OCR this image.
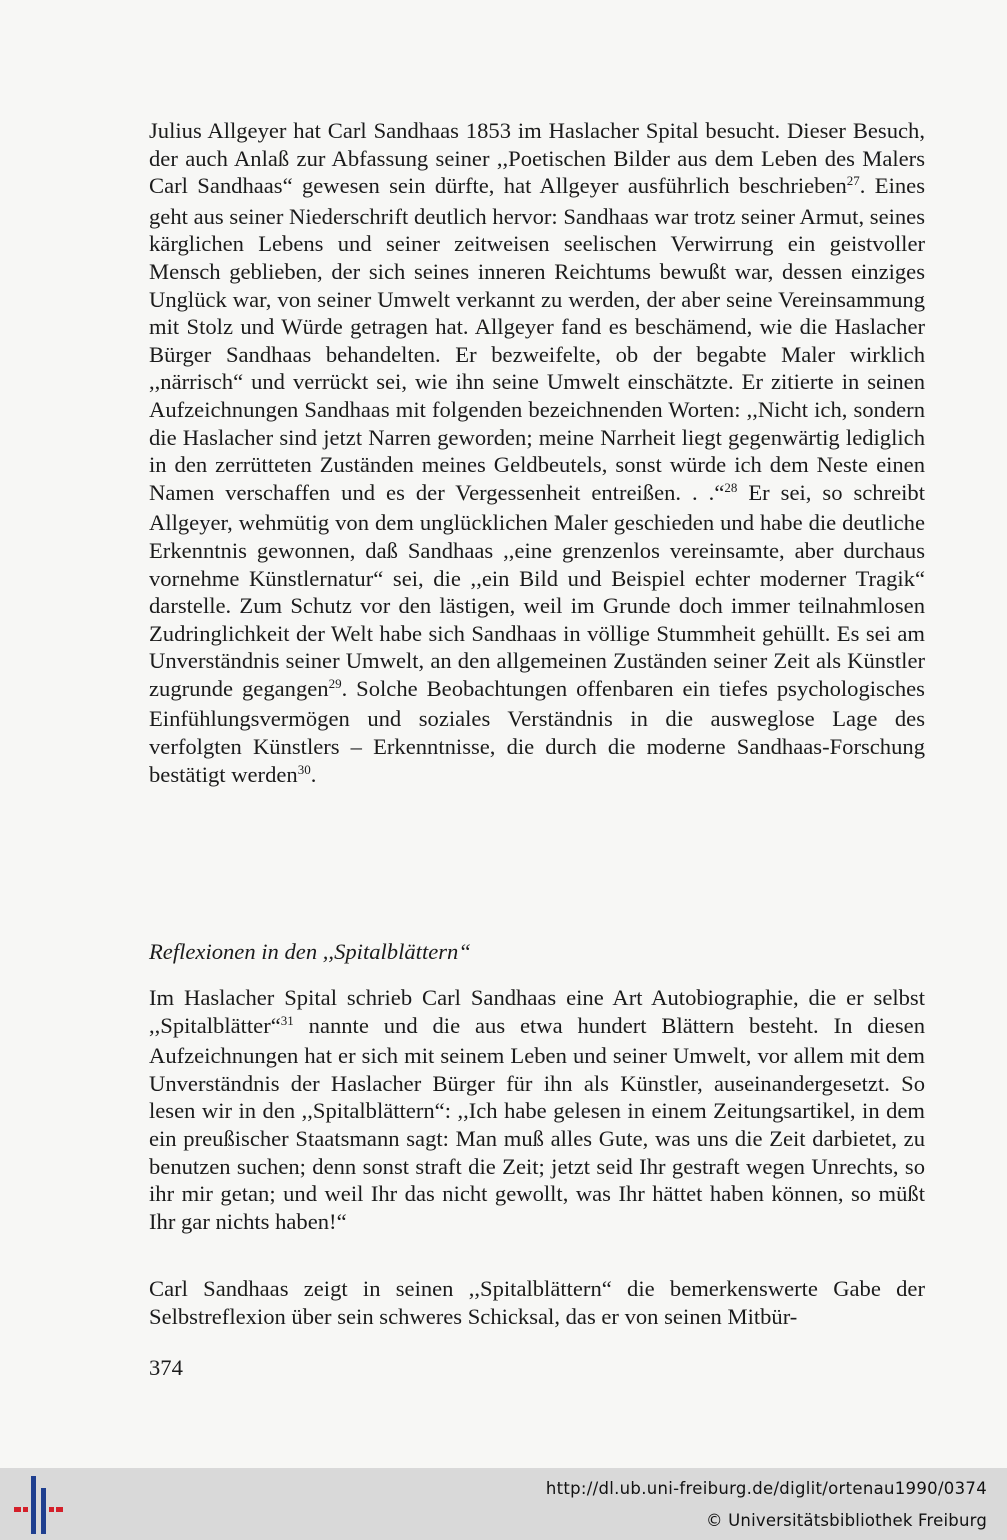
Julius Allgeyer hat Carl Sandhaas 1853 im Haslacher Spital besucht. Dieser Besuch, der auch Anlaß zur Abfassung seiner ,,Poetischen Bilder aus dem Leben des Malers Carl Sandhaas“ gewesen sein dürfte, hat Allgeyer ausführlich beschrieben$^{27}$. Eines geht aus seiner Niederschrift deutlich hervor: Sandhaas war trotz seiner Armut, seines kärglichen Lebens und seiner zeitweisen seelischen Verwirrung ein geistvoller Mensch geblieben, der sich seines inneren Reichtums bewußt war, dessen einziges Unglück war, von seiner Umwelt verkannt zu werden, der aber seine Vereinsammung mit Stolz und Würde getragen hat. Allgeyer fand es beschämend, wie die Haslacher Bürger Sandhaas behandelten. Er bezweifelte, ob der begabte Maler wirklich ,,närrisch“ und verrückt sei, wie ihn seine Umwelt einschätzte. Er zitierte in seinen Aufzeichnungen Sandhaas mit folgenden bezeichnenden Worten: ,,Nicht ich, sondern die Haslacher sind jetzt Narren geworden; meine Narrheit liegt gegenwärtig lediglich in den zerrütteten Zuständen meines Geldbeutels, sonst würde ich dem Neste einen Namen verschaffen und es der Vergessenheit entreißen. . .“$^{28}$ Er sei, so schreibt Allgeyer, wehmütig von dem unglücklichen Maler geschieden und habe die deutliche Erkenntnis gewonnen, daß Sandhaas ,,eine grenzenlos vereinsamte, aber durchaus vornehme Künstlernatur“ sei, die ,,ein Bild und Beispiel echter moderner Tragik“ darstelle. Zum Schutz vor den lästigen, weil im Grunde doch immer teilnahmlosen Zudringlichkeit der Welt habe sich Sandhaas in völlige Stummheit gehüllt. Es sei am Unverständnis seiner Umwelt, an den allgemeinen Zuständen seiner Zeit als Künstler zugrunde gegangen$^{29}$. Solche Beobachtungen offenbaren ein tiefes psychologisches Einfühlungsvermögen und soziales Verständnis in die ausweglose Lage des verfolgten Künstlers – Erkenntnisse, die durch die moderne Sandhaas-Forschung bestätigt werden$^{30}$.

Reflexionen in den ,,Spitalblättern“

Im Haslacher Spital schrieb Carl Sandhaas eine Art Autobiographie, die er selbst ,,Spitalblätter“$^{31}$ nannte und die aus etwa hundert Blättern besteht. In diesen Aufzeichnungen hat er sich mit seinem Leben und seiner Umwelt, vor allem mit dem Unverständnis der Haslacher Bürger für ihn als Künstler, auseinandergesetzt. So lesen wir in den ,,Spitalblättern“: ,,Ich habe gelesen in einem Zeitungsartikel, in dem ein preußischer Staatsmann sagt: Man muß alles Gute, was uns die Zeit darbietet, zu benutzen suchen; denn sonst straft die Zeit; jetzt seid Ihr gestraft wegen Unrechts, so ihr mir getan; und weil Ihr das nicht gewollt, was Ihr hättet haben können, so müßt Ihr gar nichts haben!“

Carl Sandhaas zeigt in seinen ,,Spitalblättern“ die bemerkenswerte Gabe der Selbstreflexion über sein schweres Schicksal, das er von seinen Mitbür-

374
http://dl.ub.uni-freiburg.de/diglit/ortenau1990/0374
© Universitätsbibliothek Freiburg
